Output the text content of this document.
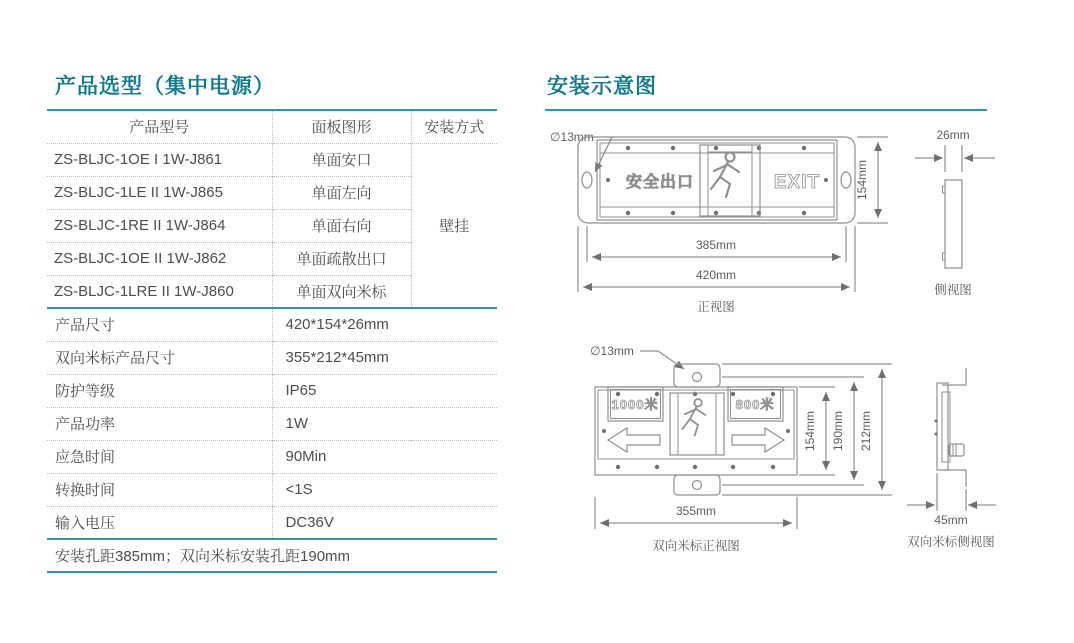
产品选型（集中电源）
产品型号	面板图形	安装方式
ZS-BLJC-1OE I 1W-J861	单面安口	壁挂
ZS-BLJC-1LE II 1W-J865	单面左向	
ZS-BLJC-1RE II 1W-J864	单面右向	
ZS-BLJC-1OE II 1W-J862	单面疏散出口	
ZS-BLJC-1LRE II 1W-J860	单面双向米标	
产品尺寸	420*154*26mm	
双向米标产品尺寸	355*212*45mm	
防护等级	IP65	
产品功率	1W	
应急时间	90Min	
转换时间	<1S	
输入电压	DC36V	
安装孔距385mm；双向米标安装孔距190mm		
安装示意图
∅13mm
安全出口	EXIT	154mm
385mm
420mm
正视图
26mm
侧视图
∅13mm
1000米	800米
154mm 190mm 212mm
355mm
双向米标正视图
45mm
双向米标侧视图
